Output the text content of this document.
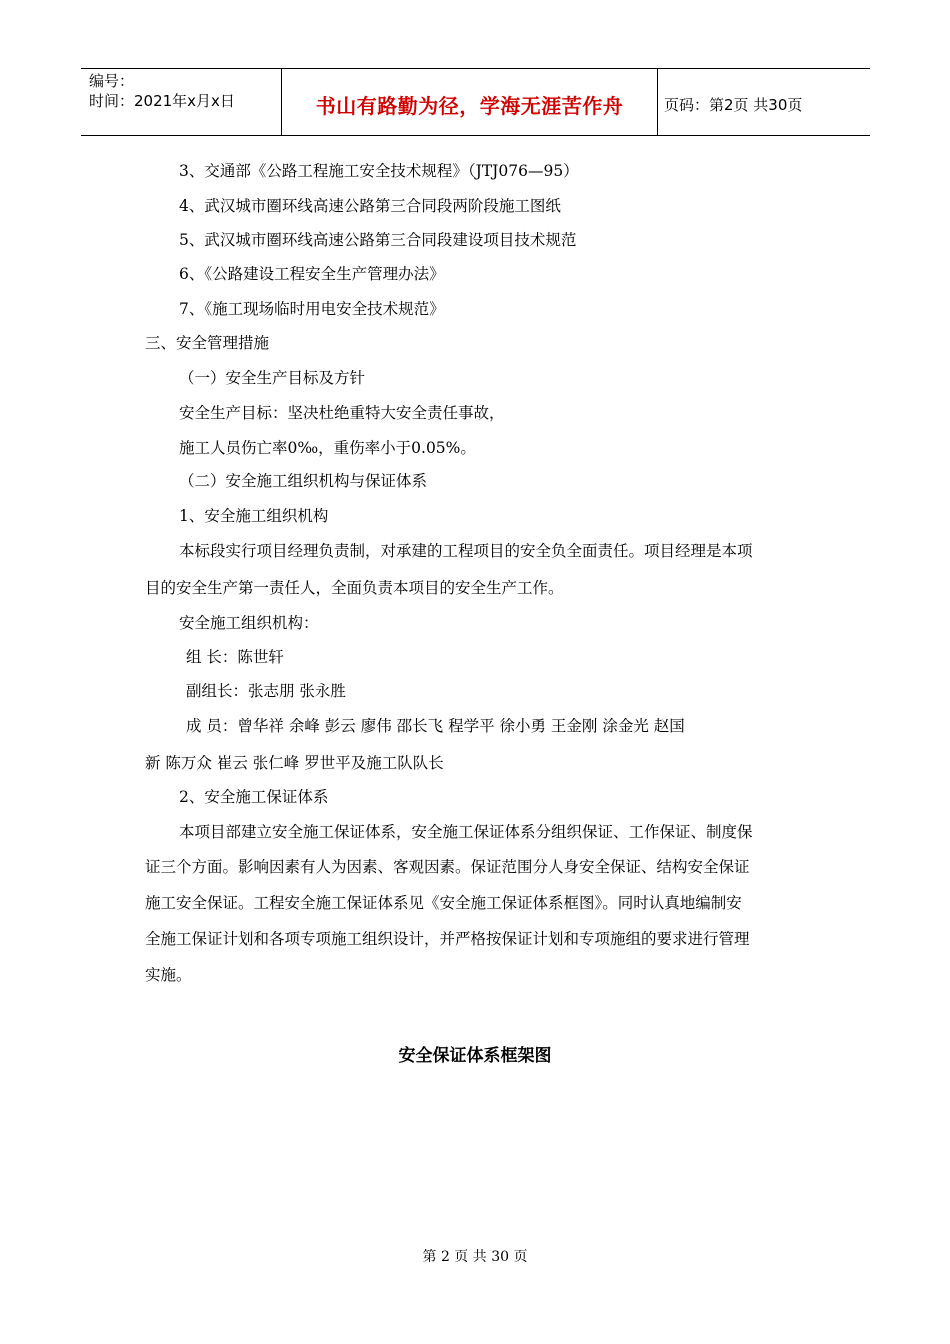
编号：
时间：2021年x月x日	书山有路勤为径，学海无涯苦作舟	页码：第2页 共30页
3、交通部《公路工程施工安全技术规程》（JTJ076—95）
4、武汉城市圈环线高速公路第三合同段两阶段施工图纸
5、武汉城市圈环线高速公路第三合同段建设项目技术规范
6、《公路建设工程安全生产管理办法》
7、《施工现场临时用电安全技术规范》
三、安全管理措施
（一）安全生产目标及方针
安全生产目标：坚决杜绝重特大安全责任事故，
施工人员伤亡率0‰，重伤率小于0.05%。
（二）安全施工组织机构与保证体系
1、安全施工组织机构
本标段实行项目经理负责制，对承建的工程项目的安全负全面责任。项目经理是本项
目的安全生产第一责任人，全面负责本项目的安全生产工作。
安全施工组织机构：
组 长：陈世轩
副组长：张志朋 张永胜
成 员：曾华祥 余峰 彭云 廖伟 邵长飞 程学平 徐小勇 王金刚 涂金光 赵国
新 陈万众 崔云 张仁峰 罗世平及施工队队长
2、安全施工保证体系
本项目部建立安全施工保证体系，安全施工保证体系分组织保证、工作保证、制度保
证三个方面。影响因素有人为因素、客观因素。保证范围分人身安全保证、结构安全保证
施工安全保证。工程安全施工保证体系见《安全施工保证体系框图》。同时认真地编制安
全施工保证计划和各项专项施工组织设计，并严格按保证计划和专项施组的要求进行管理
实施。
安全保证体系框架图
第 2 页 共 30 页
